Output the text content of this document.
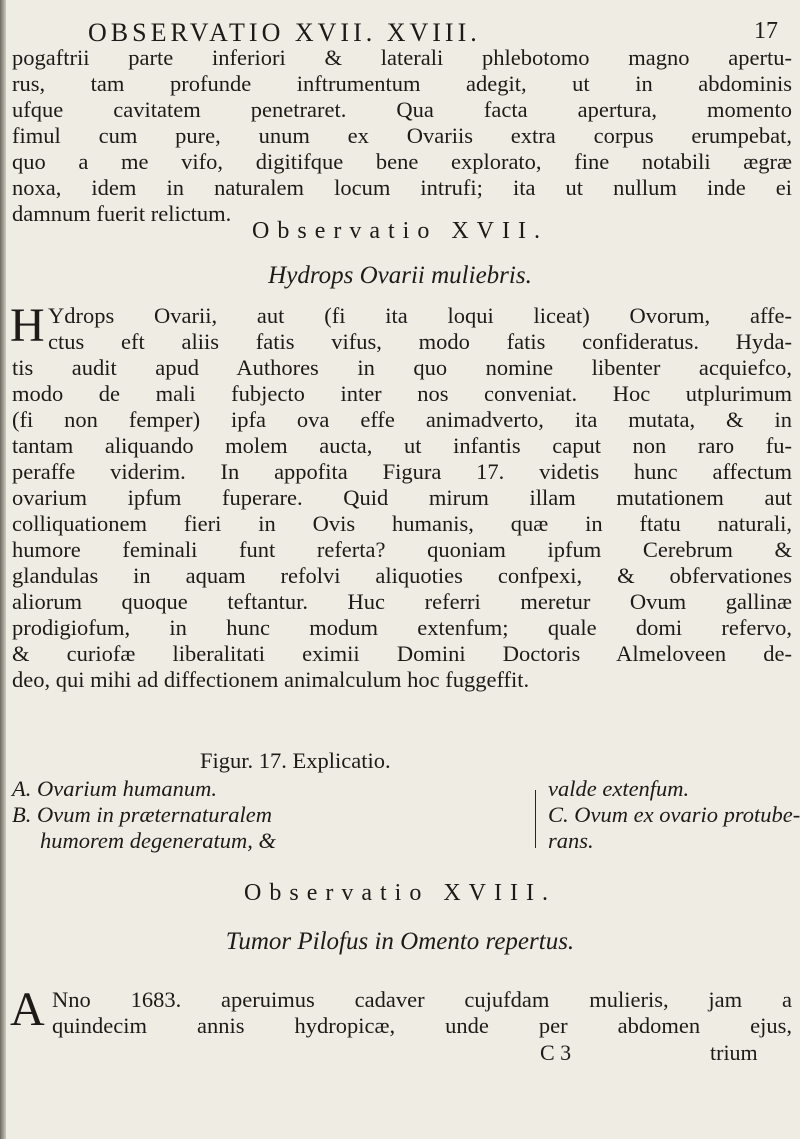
OBSERVATIO XVII. XVIII.	17
pogaftrii parte inferiori & laterali phlebotomo magno apertu-
rus, tam profunde inftrumentum adegit, ut in abdominis
ufque cavitatem penetraret. Qua facta apertura, momento
fimul cum pure, unum ex Ovariis extra corpus erumpebat,
quo a me vifo, digitifque bene explorato, fine notabili ægræ
noxa, idem in naturalem locum intrufi; ita ut nullum inde ei
damnum fuerit relictum.
Observatio XVII.
Hydrops Ovarii muliebris.
H Ydrops Ovarii, aut (fi ita loqui liceat) Ovorum, affe-
ctus eft aliis fatis vifus, modo fatis confideratus. Hyda-
tis audit apud Authores in quo nomine libenter acquiefco,
modo de mali fubjecto inter nos conveniat. Hoc utplurimum
(fi non femper) ipfa ova effe animadverto, ita mutata, & in
tantam aliquando molem aucta, ut infantis caput non raro fu-
peraffe viderim. In appofita Figura 17. videtis hunc affectum
ovarium ipfum fuperare. Quid mirum illam mutationem aut
colliquationem fieri in Ovis humanis, quæ in ftatu naturali,
humore feminali funt referta? quoniam ipfum Cerebrum &
glandulas in aquam refolvi aliquoties confpexi, & obfervationes
aliorum quoque teftantur. Huc referri meretur Ovum gallinæ
prodigiofum, in hunc modum extenfum; quale domi refervo,
& curiofæ liberalitati eximii Domini Doctoris Almeloveen de-
deo, qui mihi ad diffectionem animalculum hoc fuggeffit.
Figur. 17. Explicatio.
A. Ovarium humanum.
B. Ovum in præternaturalem
humorem degeneratum, &
valde extenfum.
C. Ovum ex ovario protube-
rans.
Observatio XVIII.
Tumor Pilofus in Omento repertus.
A Nno 1683. aperuimus cadaver cujufdam mulieris, jam a
quindecim annis hydropicæ, unde per abdomen ejus,
C 3	trium
